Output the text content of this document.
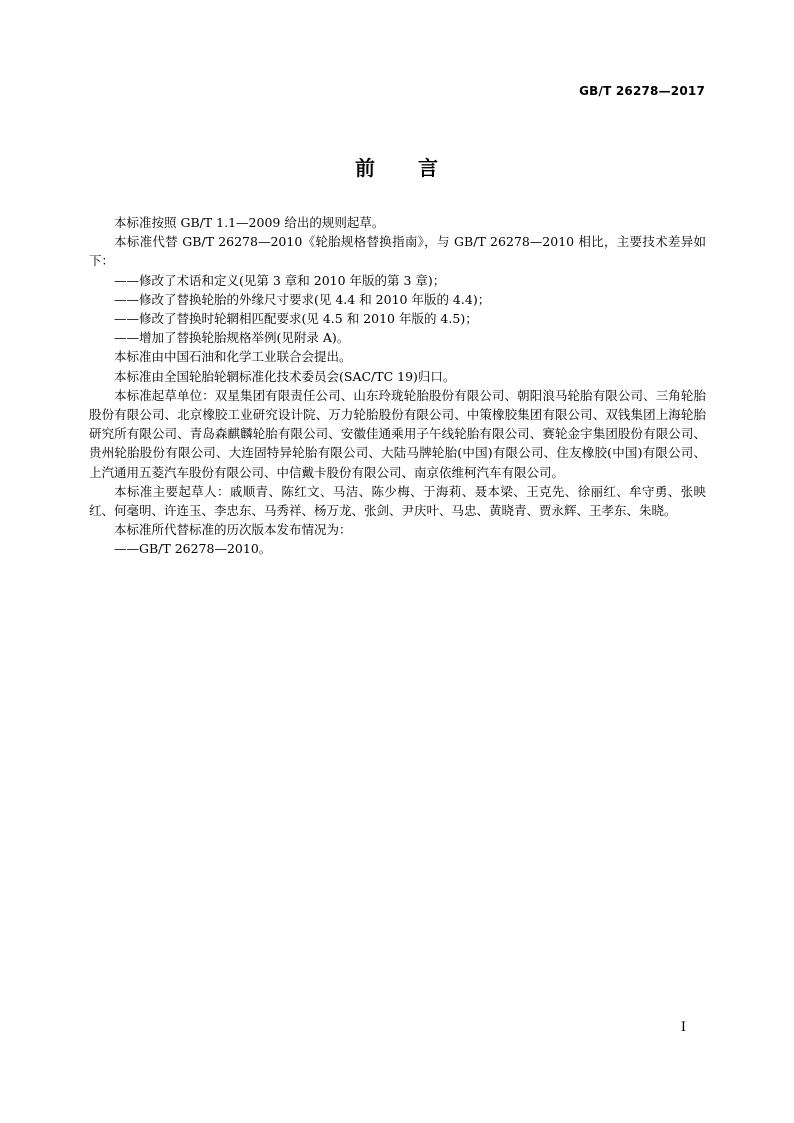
GB/T 26278—2017
前　　言

本标准按照 GB/T 1.1—2009 给出的规则起草。

本标准代替 GB/T 26278—2010《轮胎规格替换指南》，与 GB/T 26278—2010 相比，主要技术差异如下：

——修改了术语和定义(见第 3 章和 2010 年版的第 3 章)；

——修改了替换轮胎的外缘尺寸要求(见 4.4 和 2010 年版的 4.4)；

——修改了替换时轮辋相匹配要求(见 4.5 和 2010 年版的 4.5)；

——增加了替换轮胎规格举例(见附录 A)。

本标准由中国石油和化学工业联合会提出。

本标准由全国轮胎轮辋标准化技术委员会(SAC/TC 19)归口。

本标准起草单位：双星集团有限责任公司、山东玲珑轮胎股份有限公司、朝阳浪马轮胎有限公司、三角轮胎股份有限公司、北京橡胶工业研究设计院、万力轮胎股份有限公司、中策橡胶集团有限公司、双钱集团上海轮胎研究所有限公司、青岛森麒麟轮胎有限公司、安徽佳通乘用子午线轮胎有限公司、赛轮金宇集团股份有限公司、贵州轮胎股份有限公司、大连固特异轮胎有限公司、大陆马牌轮胎(中国)有限公司、住友橡胶(中国)有限公司、上汽通用五菱汽车股份有限公司、中信戴卡股份有限公司、南京依维柯汽车有限公司。

本标准主要起草人：戚顺青、陈红文、马洁、陈少梅、于海莉、聂本梁、王克先、徐丽红、牟守勇、张映红、何毫明、许连玉、李忠东、马秀祥、杨万龙、张剑、尹庆叶、马忠、黄晓青、贾永辉、王孝东、朱晓。

本标准所代替标准的历次版本发布情况为：

——GB/T 26278—2010。

I
